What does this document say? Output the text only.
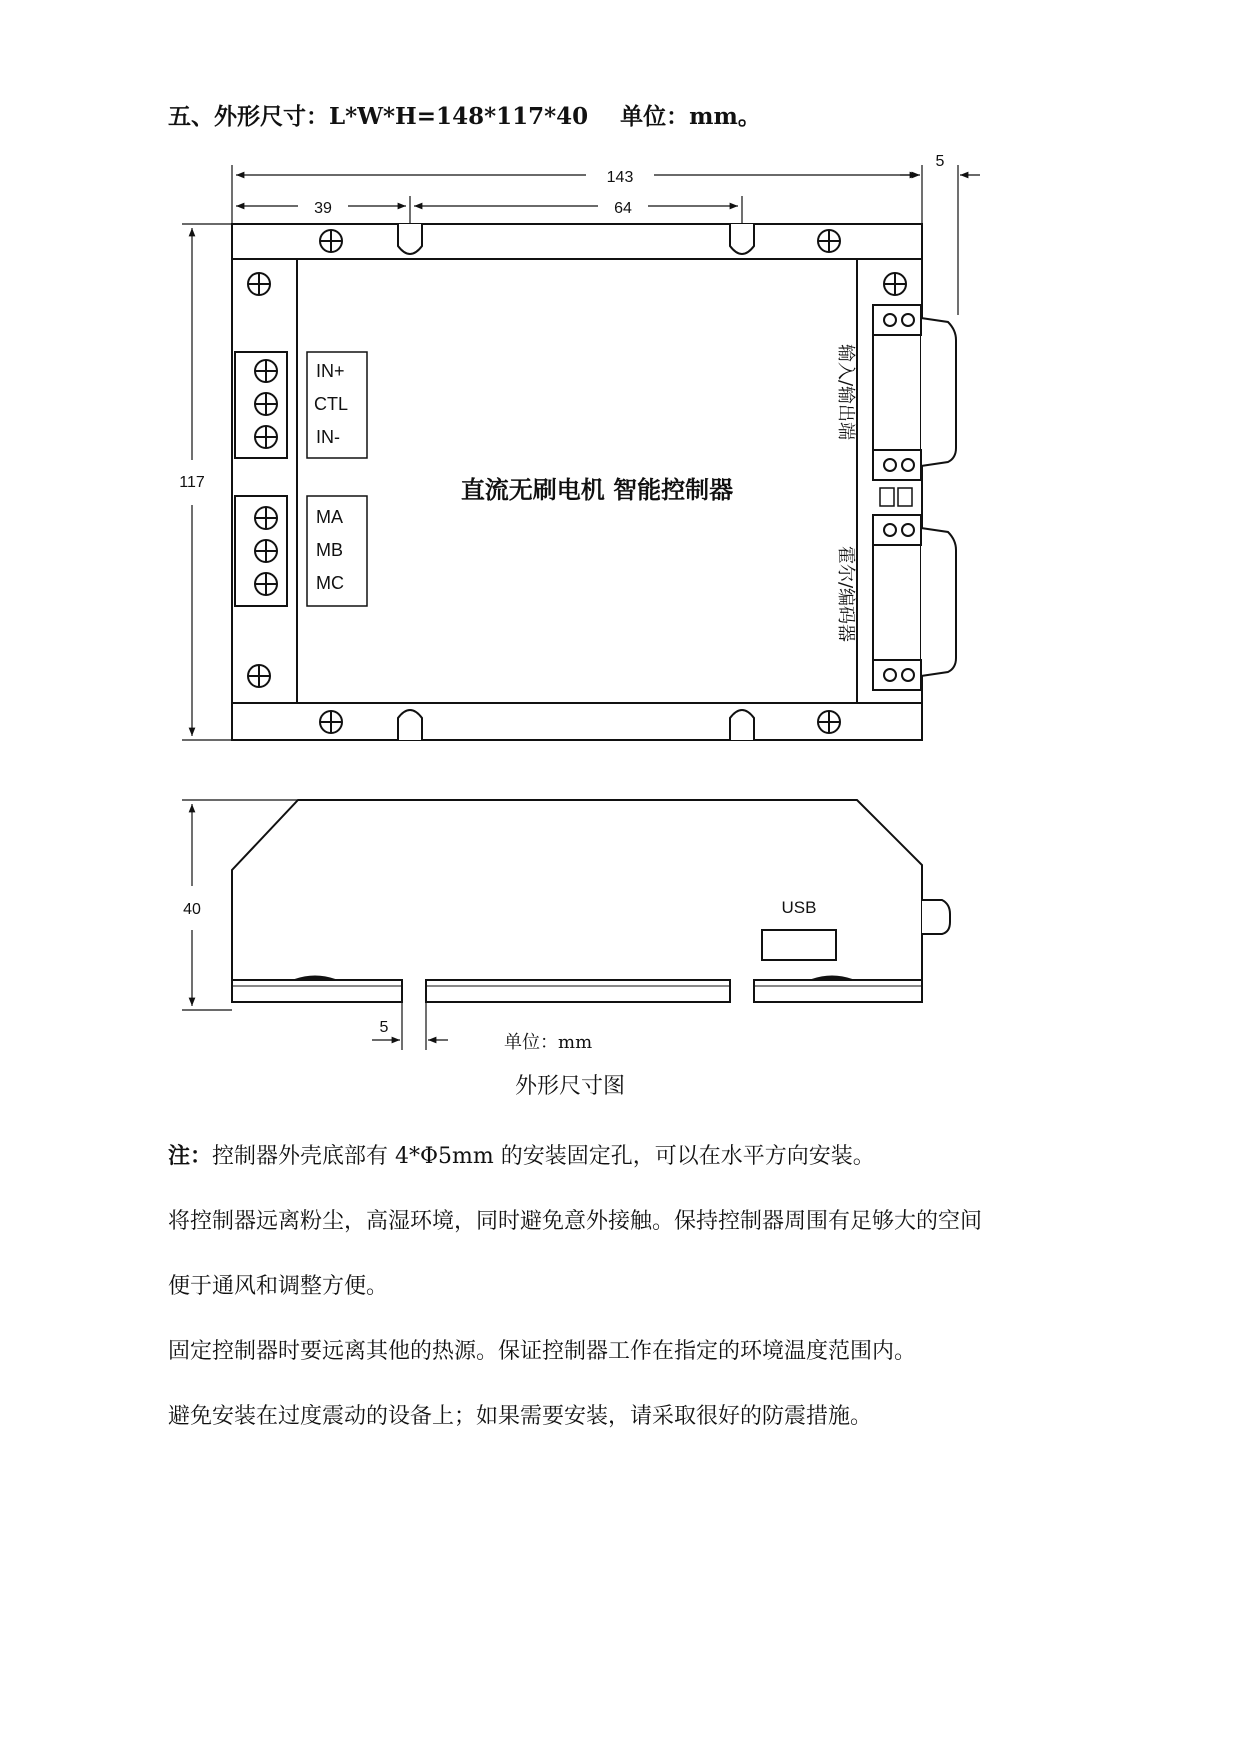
五、外形尺寸：L*W*H=148*117*40    单位：mm。
IN+
CTL
IN-
MA
MB
MC
直流无刷电机 智能控制器
输入/输出端
霍尔/编码器
143
39	64
5
117
USB
40
5
单位：mm
外形尺寸图
注：控制器外壳底部有 4*Φ5mm 的安装固定孔，可以在水平方向安装。
将控制器远离粉尘，高湿环境，同时避免意外接触。保持控制器周围有足够大的空间
便于通风和调整方便。
固定控制器时要远离其他的热源。保证控制器工作在指定的环境温度范围内。
避免安装在过度震动的设备上；如果需要安装，请采取很好的防震措施。
